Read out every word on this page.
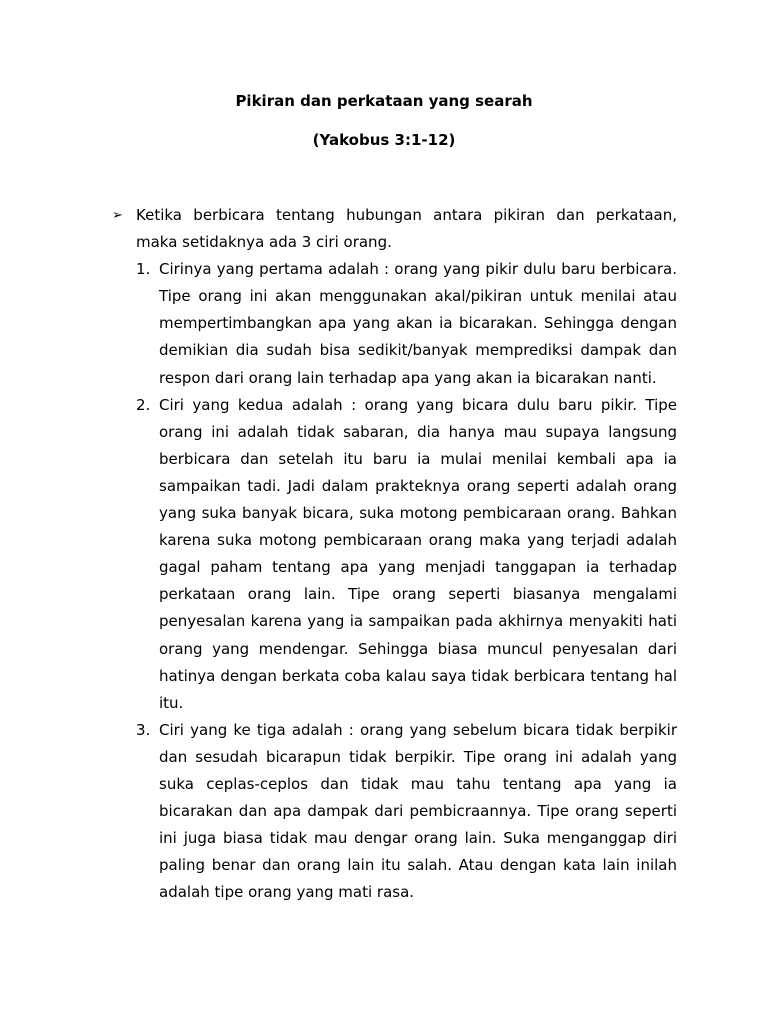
Pikiran dan perkataan yang searah
(Yakobus 3:1-12)
➢ Ketika berbicara tentang hubungan antara pikiran dan perkataan, maka setidaknya ada 3 ciri orang.
1. Cirinya yang pertama adalah : orang yang pikir dulu baru berbicara. Tipe orang ini akan menggunakan akal/pikiran untuk menilai atau mempertimbangkan apa yang akan ia bicarakan. Sehingga dengan demikian dia sudah bisa sedikit/banyak memprediksi dampak dan respon dari orang lain terhadap apa yang akan ia bicarakan nanti.
2. Ciri yang kedua adalah : orang yang bicara dulu baru pikir. Tipe orang ini adalah tidak sabaran, dia hanya mau supaya langsung berbicara dan setelah itu baru ia mulai menilai kembali apa ia sampaikan tadi. Jadi dalam prakteknya orang seperti adalah orang yang suka banyak bicara, suka motong pembicaraan orang. Bahkan karena suka motong pembicaraan orang maka yang terjadi adalah gagal paham tentang apa yang menjadi tanggapan ia terhadap perkataan orang lain. Tipe orang seperti biasanya mengalami penyesalan karena yang ia sampaikan pada akhirnya menyakiti hati orang yang mendengar. Sehingga biasa muncul penyesalan dari hatinya dengan berkata coba kalau saya tidak berbicara tentang hal itu.
3. Ciri yang ke tiga adalah : orang yang sebelum bicara tidak berpikir dan sesudah bicarapun tidak berpikir. Tipe orang ini adalah yang suka ceplas-ceplos dan tidak mau tahu tentang apa yang ia bicarakan dan apa dampak dari pembicraannya. Tipe orang seperti ini juga biasa tidak mau dengar orang lain. Suka menganggap diri paling benar dan orang lain itu salah. Atau dengan kata lain inilah adalah tipe orang yang mati rasa.
